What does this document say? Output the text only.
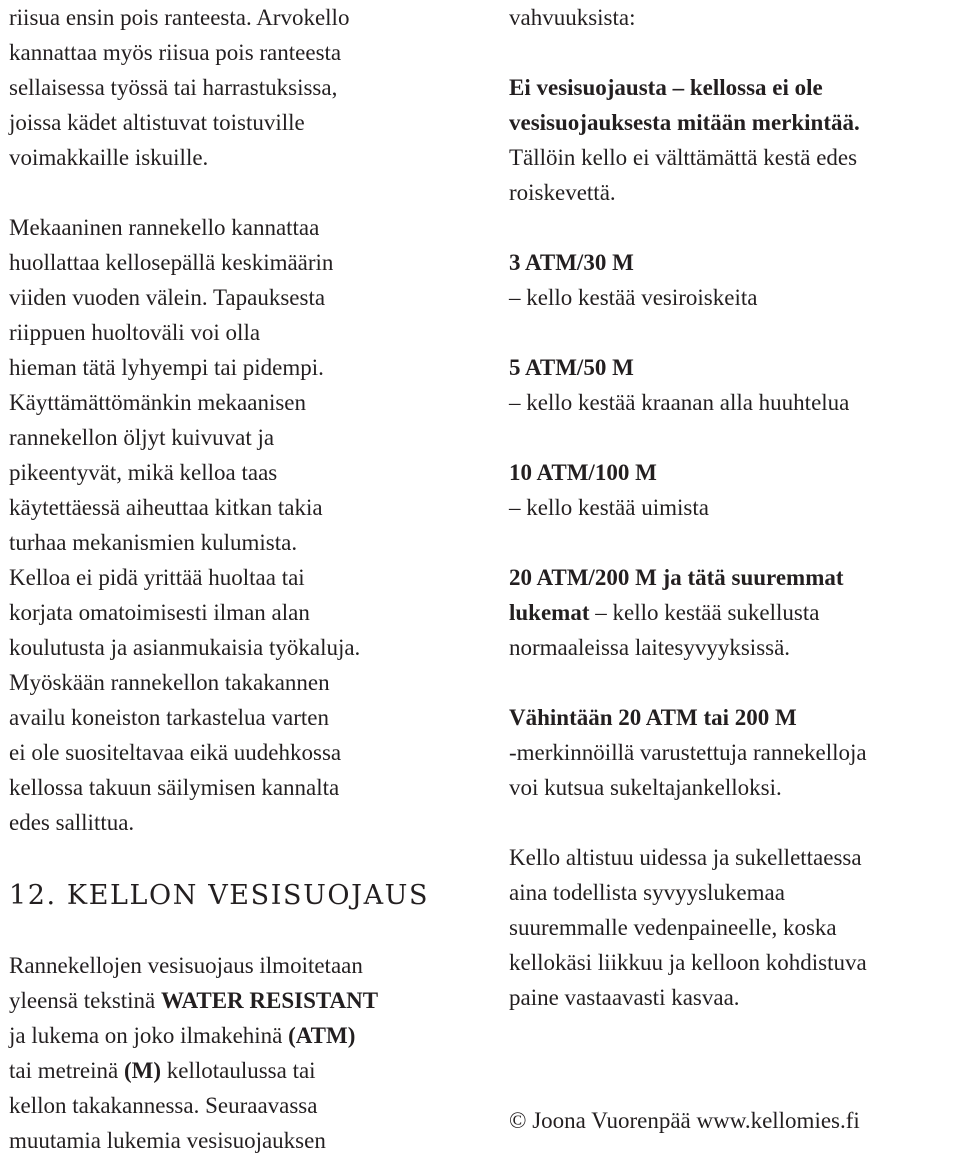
riisua ensin pois ranteesta. Arvokello
kannattaa myös riisua pois ranteesta
sellaisessa työssä tai harrastuksissa,
joissa kädet altistuvat toistuville
voimakkaille iskuille.
Mekaaninen rannekello kannattaa
huollattaa kellosepällä keskimäärin
viiden vuoden välein. Tapauksesta
riippuen huoltoväli voi olla
hieman tätä lyhyempi tai pidempi.
Käyttämättömänkin mekaanisen
rannekellon öljyt kuivuvat ja
pikeentyvät, mikä kelloa taas
käytettäessä aiheuttaa kitkan takia
turhaa mekanismien kulumista.
Kelloa ei pidä yrittää huoltaa tai
korjata omatoimisesti ilman alan
koulutusta ja asianmukaisia työkaluja.
Myöskään rannekellon takakannen
availu koneiston tarkastelua varten
ei ole suositeltavaa eikä uudehkossa
kellossa takuun säilymisen kannalta
edes sallittua.
12. KELLON VESISUOJAUS
Rannekellojen vesisuojaus ilmoitetaan
yleensä tekstinä WATER RESISTANT
ja lukema on joko ilmakehinä (ATM)
tai metreinä (M) kellotaulussa tai
kellon takakannessa. Seuraavassa
muutamia lukemia vesisuojauksen
vahvuuksista:
Ei vesisuojausta – kellossa ei ole
vesisuojauksesta mitään merkintää.
Tällöin kello ei välttämättä kestä edes
roiskevettä.
3 ATM/30 M
– kello kestää vesiroiskeita
5 ATM/50 M
– kello kestää kraanan alla huuhtelua
10 ATM/100 M
– kello kestää uimista
20 ATM/200 M ja tätä suuremmat
lukemat – kello kestää sukellusta
normaaleissa laitesyvyyksissä.
Vähintään 20 ATM tai 200 M
-merkinnöillä varustettuja rannekelloja
voi kutsua sukeltajankelloksi.
Kello altistuu uidessa ja sukellettaessa
aina todellista syvyyslukemaa
suuremmalle vedenpaineelle, koska
kellokäsi liikkuu ja kelloon kohdistuva
paine vastaavasti kasvaa.
© Joona Vuorenpää www.kellomies.fi
